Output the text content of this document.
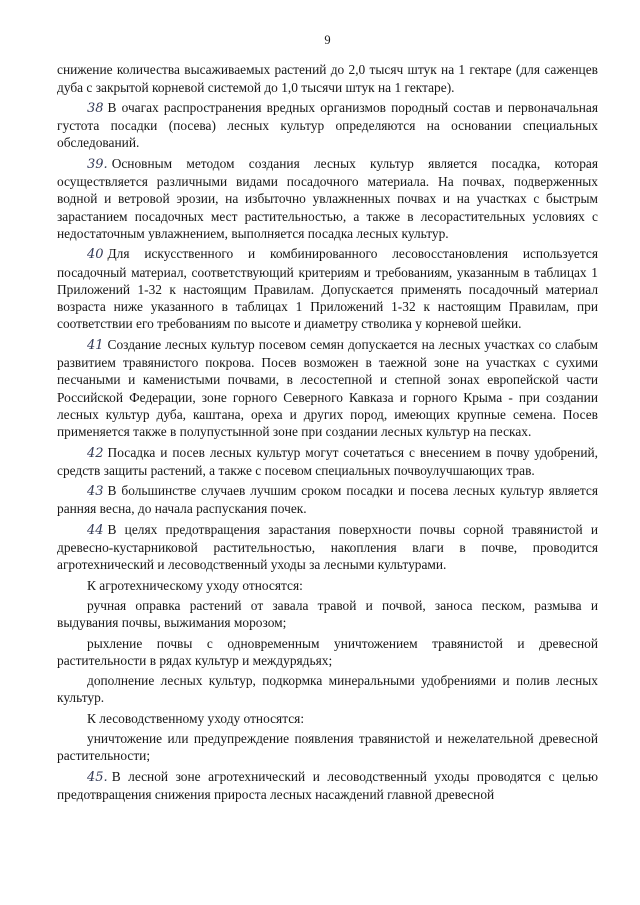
9

снижение количества высаживаемых растений до 2,0 тысяч штук на 1 гектаре (для саженцев дуба с закрытой корневой системой до 1,0 тысячи штук на 1 гектаре).

38 В очагах распространения вредных организмов породный состав и первоначальная густота посадки (посева) лесных культур определяются на основании специальных обследований.

39. Основным методом создания лесных культур является посадка, которая осуществляется различными видами посадочного материала. На почвах, подверженных водной и ветровой эрозии, на избыточно увлажненных почвах и на участках с быстрым зарастанием посадочных мест растительностью, а также в лесорастительных условиях с недостаточным увлажнением, выполняется посадка лесных культур.

40 Для искусственного и комбинированного лесовосстановления используется посадочный материал, соответствующий критериям и требованиям, указанным в таблицах 1 Приложений 1-32 к настоящим Правилам. Допускается применять посадочный материал возраста ниже указанного в таблицах 1 Приложений 1-32 к настоящим Правилам, при соответствии его требованиям по высоте и диаметру стволика у корневой шейки.

41 Создание лесных культур посевом семян допускается на лесных участках со слабым развитием травянистого покрова. Посев возможен в таежной зоне на участках с сухими песчаными и каменистыми почвами, в лесостепной и степной зонах европейской части Российской Федерации, зоне горного Северного Кавказа и горного Крыма - при создании лесных культур дуба, каштана, ореха и других пород, имеющих крупные семена. Посев применяется также в полупустынной зоне при создании лесных культур на песках.

42 Посадка и посев лесных культур могут сочетаться с внесением в почву удобрений, средств защиты растений, а также с посевом специальных почвоулучшающих трав.

43 В большинстве случаев лучшим сроком посадки и посева лесных культур является ранняя весна, до начала распускания почек.

44 В целях предотвращения зарастания поверхности почвы сорной травянистой и древесно-кустарниковой растительностью, накопления влаги в почве, проводится агротехнический и лесоводственный уходы за лесными культурами.

К агротехническому уходу относятся:

ручная оправка растений от завала травой и почвой, заноса песком, размыва и выдувания почвы, выжимания морозом;

рыхление почвы с одновременным уничтожением травянистой и древесной растительности в рядах культур и междурядьях;

дополнение лесных культур, подкормка минеральными удобрениями и полив лесных культур.

К лесоводственному уходу относятся:

уничтожение или предупреждение появления травянистой и нежелательной древесной растительности;

45. В лесной зоне агротехнический и лесоводственный уходы проводятся с целью предотвращения снижения прироста лесных насаждений главной древесной
